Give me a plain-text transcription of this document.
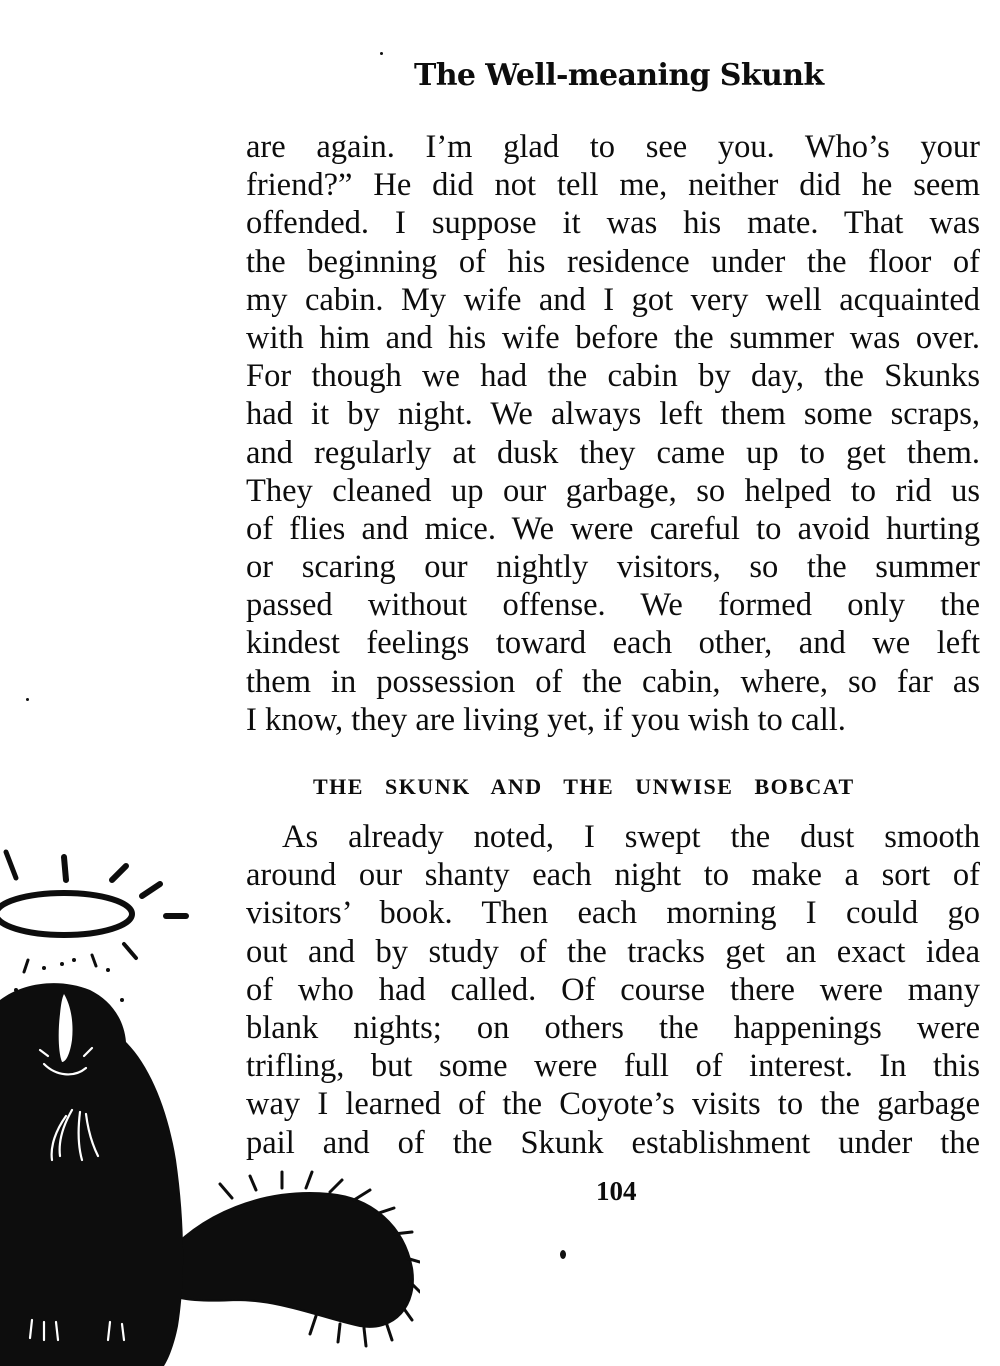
The Well-meaning Skunk
are again. I’m glad to see you. Who’s your
friend?” He did not tell me, neither did he seem
offended. I suppose it was his mate. That was
the beginning of his residence under the floor of
my cabin. My wife and I got very well acquainted
with him and his wife before the summer was over.
For though we had the cabin by day, the Skunks
had it by night. We always left them some scraps,
and regularly at dusk they came up to get them.
They cleaned up our garbage, so helped to rid us
of flies and mice. We were careful to avoid hurting
or scaring our nightly visitors, so the summer
passed without offense. We formed only the
kindest feelings toward each other, and we left
them in possession of the cabin, where, so far as
I know, they are living yet, if you wish to call.
THE SKUNK AND THE UNWISE BOBCAT
As already noted, I swept the dust smooth
around our shanty each night to make a sort of
visitors’ book. Then each morning I could go
out and by study of the tracks get an exact idea
of who had called. Of course there were many
blank nights; on others the happenings were
trifling, but some were full of interest. In this
way I learned of the Coyote’s visits to the garbage
pail and of the Skunk establishment under the
104
